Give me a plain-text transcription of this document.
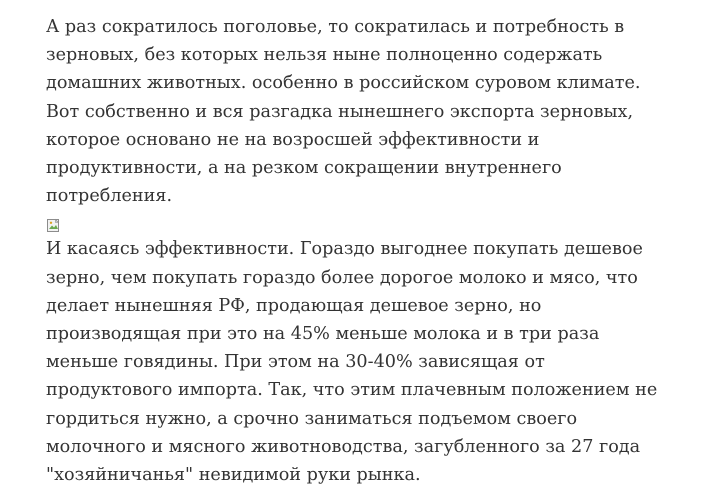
А раз сократилось поголовье, то сократилась и потребность в
зерновых, без которых нельзя ныне полноценно содержать
домашних животных. особенно в российском суровом климате.
Вот собственно и вся разгадка нынешнего экспорта зерновых,
которое основано не на возросшей эффективности и
продуктивности, а на резком сокращении внутреннего
потребления.

И касаясь эффективности. Гораздо выгоднее покупать дешевое
зерно, чем покупать гораздо более дорогое молоко и мясо, что
делает нынешняя РФ, продающая дешевое зерно, но
производящая при это на 45% меньше молока и в три раза
меньше говядины. При этом на 30-40% зависящая от
продуктового импорта. Так, что этим плачевным положением не
гордиться нужно, а срочно заниматься подъемом своего
молочного и мясного животноводства, загубленного за 27 года
"хозяйничанья" невидимой руки рынка.
